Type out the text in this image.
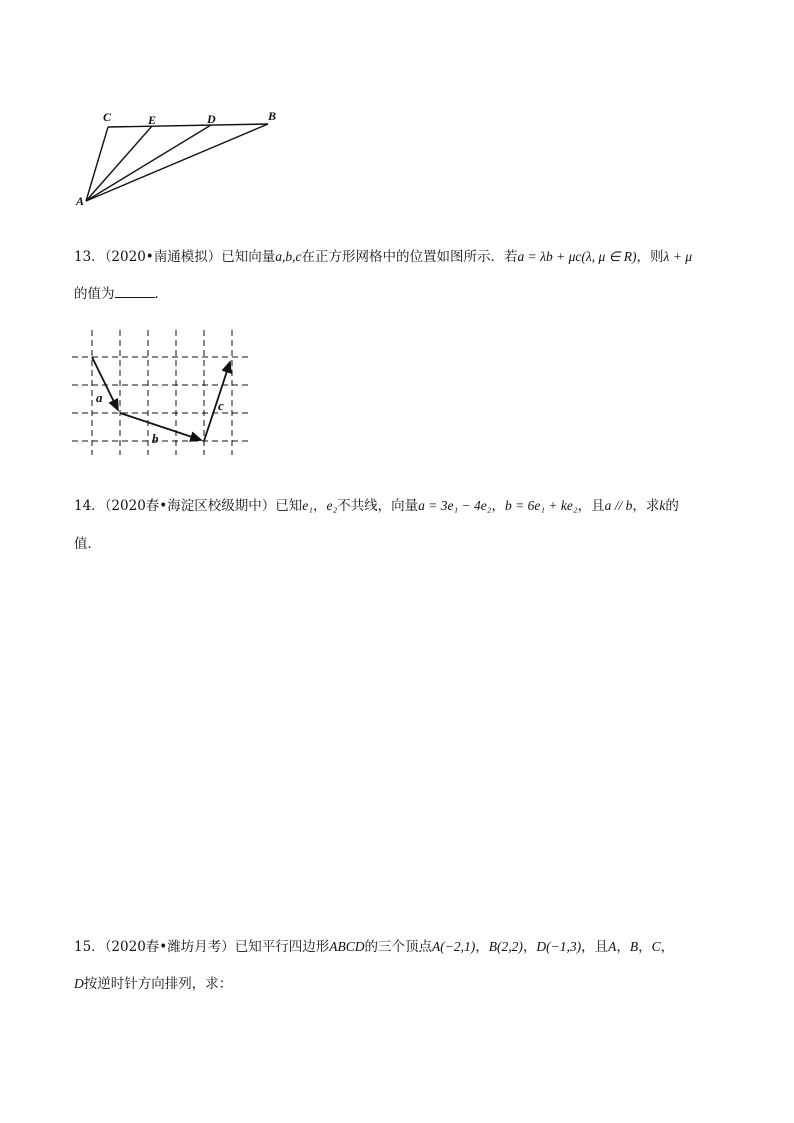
C	E	D	B
A
13．（2020•南通模拟）已知向量a,b,c在正方形网格中的位置如图所示．若a = λb + μc(λ, μ ∈ R)，则λ + μ
的值为	．
a
b
c
14．（2020春•海淀区校级期中）已知e₁，e₂不共线，向量a = 3e₁ − 4e₂，b = 6e₁ + ke₂，且a // b，求k的
值．
15．（2020春•潍坊月考）已知平行四边形ABCD的三个顶点A(−2,1)，B(2,2)，D(−1,3)，且A，B，C，
D按逆时针方向排列，求：
